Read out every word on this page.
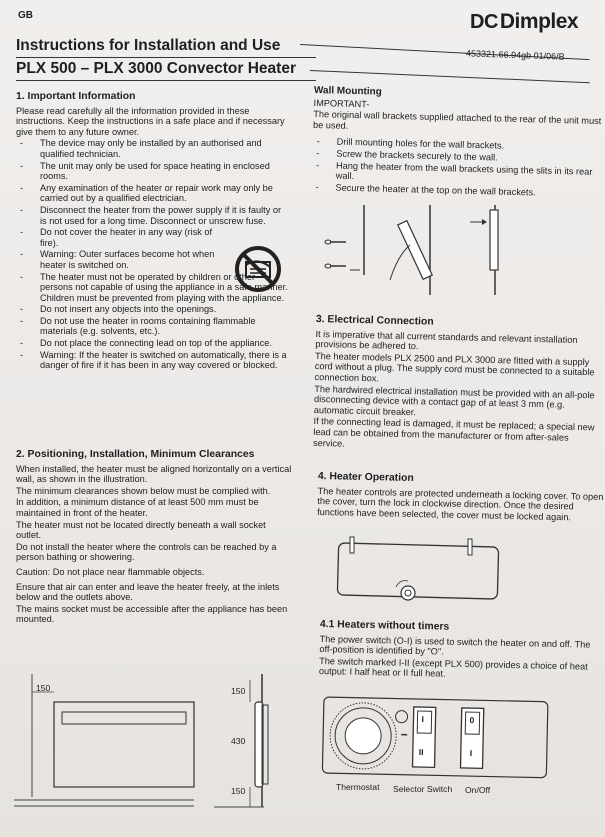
GB	DCDimplex
Instructions for Installation and Use
PLX 500 – PLX 3000 Convector Heater
453321.66.94gb 01/06/B
1. Important Information
Please read carefully all the information provided in these instructions. Keep the instructions in a safe place and if necessary give them to any future owner.
- The device may only be installed by an authorised and qualified technician.
- The unit may only be used for space heating in enclosed rooms.
- Any examination of the heater or repair work may only be carried out by a qualified electrician.
- Disconnect the heater from the power supply if it is faulty or is not used for a long time. Disconnect or unscrew fuse.
- Do not cover the heater in any way (risk of fire).
- Warning: Outer surfaces become hot when heater is switched on.
- The heater must not be operated by children or other persons not capable of using the appliance in a safe manner. Children must be prevented from playing with the appliance.
- Do not insert any objects into the openings.
- Do not use the heater in rooms containing flammable materials (e.g. solvents, etc.).
- Do not place the connecting lead on top of the appliance.
- Warning: If the heater is switched on automatically, there is a danger of fire if it has been in any way covered or blocked.
2. Positioning, Installation, Minimum Clearances
When installed, the heater must be aligned horizontally on a vertical wall, as shown in the illustration.
The minimum clearances shown below must be complied with.
In addition, a minimum distance of at least 500 mm must be maintained in front of the heater.
The heater must not be located directly beneath a wall socket outlet.
Do not install the heater where the controls can be reached by a person bathing or showering.
Caution: Do not place near flammable objects.
Ensure that air can enter and leave the heater freely, at the inlets below and the outlets above.
The mains socket must be accessible after the appliance has been mounted.
150	150
430
150
Wall Mounting
IMPORTANT-
The original wall brackets supplied attached to the rear of the unit must be used.
- Drill mounting holes for the wall brackets.
- Screw the brackets securely to the wall.
- Hang the heater from the wall brackets using the slits in its rear wall.
- Secure the heater at the top on the wall brackets.
3. Electrical Connection
It is imperative that all current standards and relevant installation provisions be adhered to.
The heater models PLX 2500 and PLX 3000 are fitted with a supply cord without a plug. The supply cord must be connected to a suitable connection box.
The hardwired electrical installation must be provided with an all-pole disconnecting device with a contact gap of at least 3 mm (e.g. automatic circuit breaker.
If the connecting lead is damaged, it must be replaced; a special new lead can be obtained from the manufacturer or from after-sales service.
4. Heater Operation
The heater controls are protected underneath a locking cover. To open the cover, turn the lock in clockwise direction. Once the desired functions have been selected, the cover must be locked again.
4.1 Heaters without timers
The power switch (O-I) is used to switch the heater on and off. The off-position is identified by "O".
The switch marked I-II (except PLX 500) provides a choice of heat output: I half heat or II full heat.
I
II
0
I
Thermostat Selector Switch On/Off
